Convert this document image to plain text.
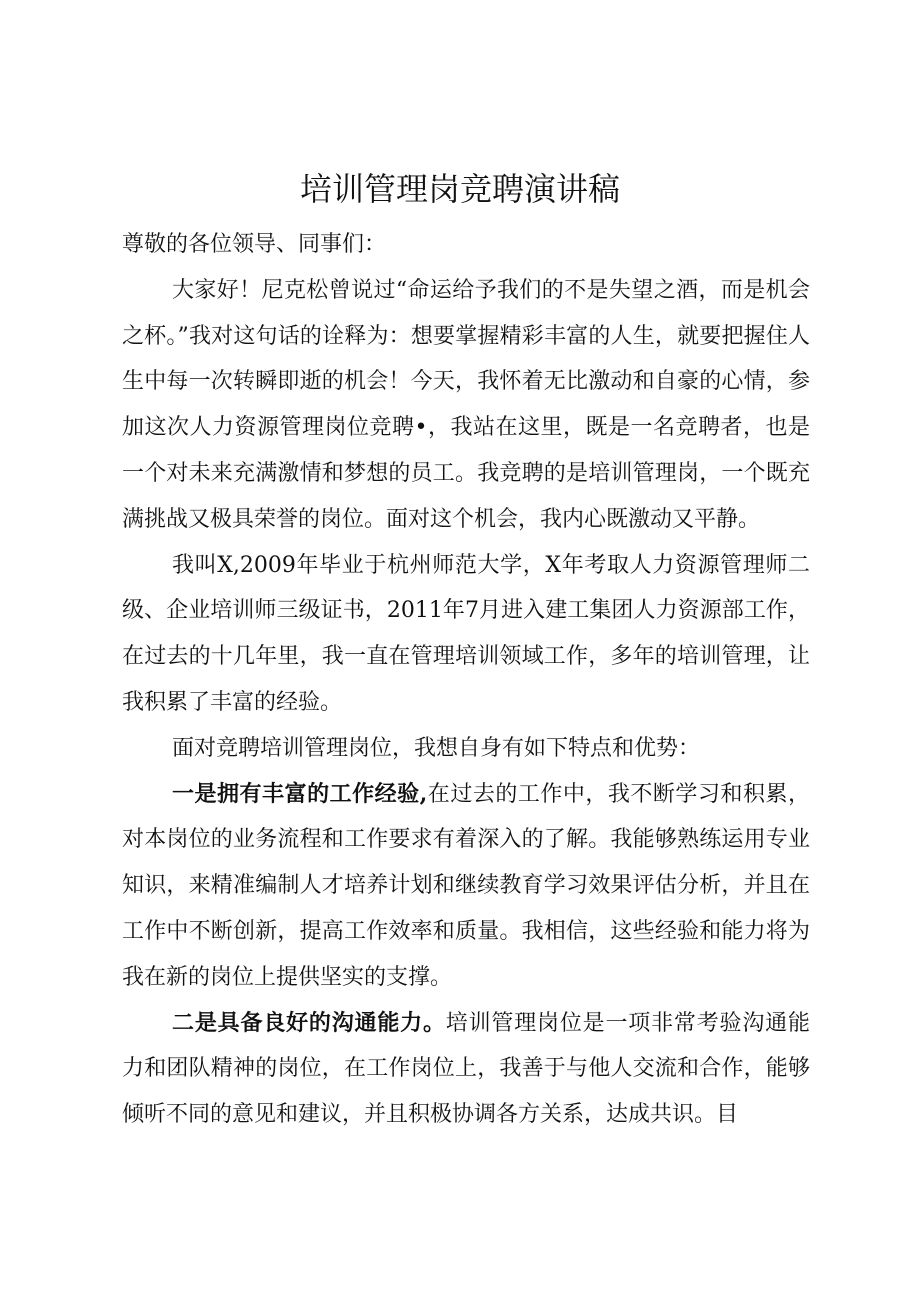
培训管理岗竞聘演讲稿

尊敬的各位领导、同事们：

大家好！尼克松曾说过“命运给予我们的不是失望之酒，而是机会之杯。”我对这句话的诠释为：想要掌握精彩丰富的人生，就要把握住人生中每一次转瞬即逝的机会！今天，我怀着无比激动和自豪的心情，参加这次人力资源管理岗位竞聘•，我站在这里，既是一名竞聘者，也是一个对未来充满激情和梦想的员工。我竞聘的是培训管理岗，一个既充满挑战又极具荣誉的岗位。面对这个机会，我内心既激动又平静。

我叫X,2009年毕业于杭州师范大学，X年考取人力资源管理师二级、企业培训师三级证书，2011年7月进入建工集团人力资源部工作，在过去的十几年里，我一直在管理培训领域工作，多年的培训管理，让我积累了丰富的经验。

面对竞聘培训管理岗位，我想自身有如下特点和优势：

一是拥有丰富的工作经验,在过去的工作中，我不断学习和积累，对本岗位的业务流程和工作要求有着深入的了解。我能够熟练运用专业知识，来精准编制人才培养计划和继续教育学习效果评估分析，并且在工作中不断创新，提高工作效率和质量。我相信，这些经验和能力将为我在新的岗位上提供坚实的支撑。

二是具备良好的沟通能力。培训管理岗位是一项非常考验沟通能力和团队精神的岗位，在工作岗位上，我善于与他人交流和合作，能够倾听不同的意见和建议，并且积极协调各方关系，达成共识。目
